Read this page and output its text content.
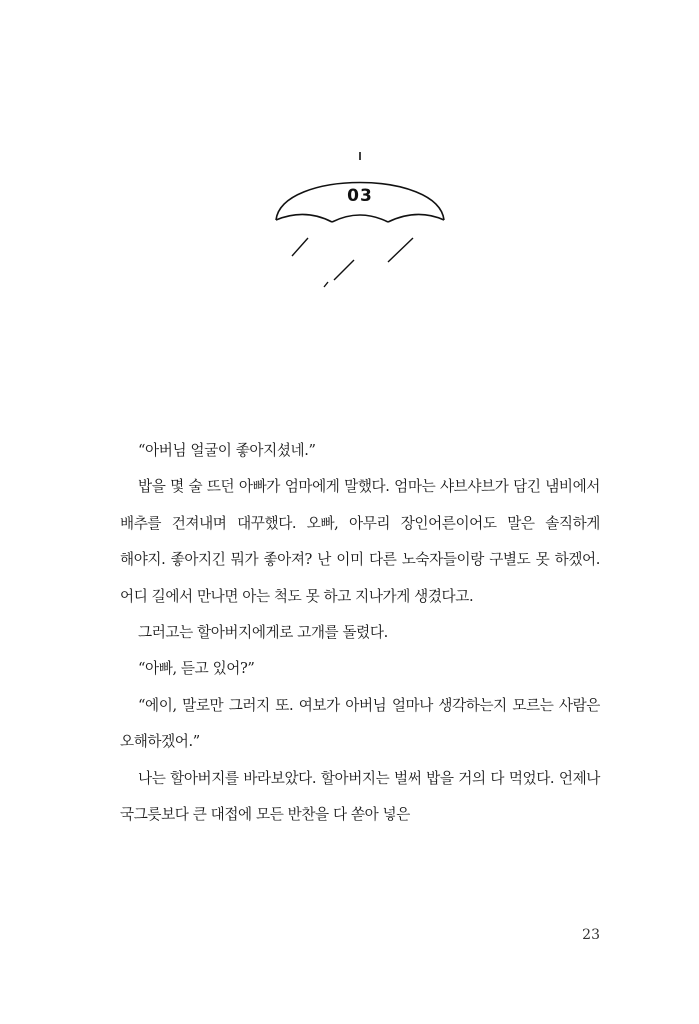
03

“아버님 얼굴이 좋아지셨네.”

밥을 몇 술 뜨던 아빠가 엄마에게 말했다. 엄마는 샤브샤브가 담긴 냄비에서 배추를 건져내며 대꾸했다. 오빠, 아무리 장인어른이어도 말은 솔직하게 해야지. 좋아지긴 뭐가 좋아져? 난 이미 다른 노숙자들이랑 구별도 못 하겠어. 어디 길에서 만나면 아는 척도 못 하고 지나가게 생겼다고.

그러고는 할아버지에게로 고개를 돌렸다.

“아빠, 듣고 있어?”

“에이, 말로만 그러지 또. 여보가 아버님 얼마나 생각하는지 모르는 사람은 오해하겠어.”

나는 할아버지를 바라보았다. 할아버지는 벌써 밥을 거의 다 먹었다. 언제나 국그릇보다 큰 대접에 모든 반찬을 다 쏟아 넣은

23
